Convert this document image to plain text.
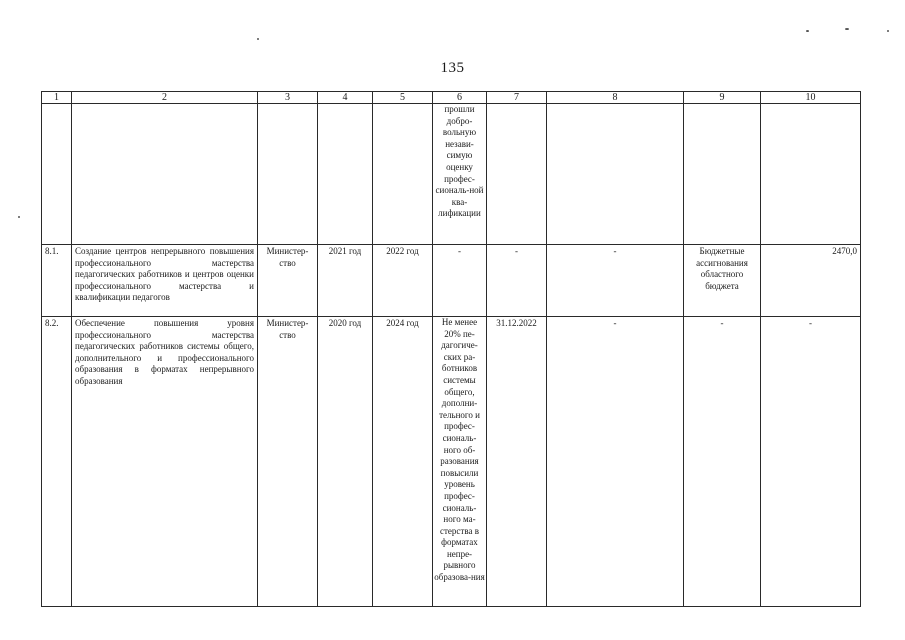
135
1	2	3	4	5	6	7	8	9	10
					прошли добро-вольную незави-симую оценку профес-сиональ-ной ква-лификации				
8.1.	Создание центров непрерывного повышения профессионального мастерства педагогических работников и центров оценки профессионального мастерства и квалификации педагогов	Министер-ство	2021 год	2022 год	-	-	-	Бюджетные ассигнования областного бюджета	2470,0
8.2.	Обеспечение повышения уровня профессионального мастерства педагогических работников системы общего, дополнительного и профессионального образования в форматах непрерывного образования	Министер-ство	2020 год	2024 год	Не менее 20% пе-дагогиче-ских ра-ботников системы общего, дополни-тельного и профес-сиональ-ного об-разования повысили уровень профес-сиональ-ного ма-стерства в форматах непре-рывного образова-ния	31.12.2022	-	-	-
